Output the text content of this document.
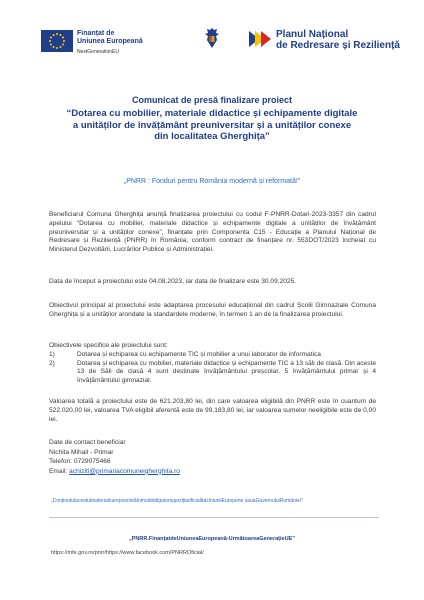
Finanțat de
Uniunea Europeană
NextGenerationEU
Planul Național
de Redresare și Reziliență
Comunicat de presă finalizare proiect
“Dotarea cu mobilier, materiale didactice și echipamente digitale
a unităților de învățământ preuniversitar și a unităților conexe
din localitatea Gherghița”
„PNRR : Fonduri pentru România modernă și reformată!”
Beneficiarul Comuna Gherghița anunță finalizarea proiectului cu codul F-PNRR-Dotari-2023-3357 din cadrul apelului “Dotarea cu mobilier, materiale didactice și echipamente digitale a unităților de învățământ preuniversitar și a unităților conexe”, finanțate prin Componenta C15 - Educație a Planului Național de Redresare și Reziliență (PNRR) în România, conform contract de finanțare nr. 553DOT/2023 încheiat cu Ministerul Dezvoltării, Lucrărilor Publice și Administrației.
Data de început a proiectului este 04.08.2023, iar data de finalizare este 30.09.2025.
Obiectivul principal al proiectului este adaptarea procesului educațional din cadrul Școlii Gimnaziale Comuna Gherghița și a unităților arondate la standardele moderne, în termen 1 an de la finalizarea proiectului.
Obiectivele specifice ale proiectului sunt:
1)	Dotarea și echiparea cu echipamente TIC și mobilier a unui laborator de informatica
2)	Dotarea și echiparea cu mobilier, materiale didactice și echipamente TIC a 13 săli de clasă. Din aceste 13 de Săli de clasă 4 sunt destinate învățământului preșcolar, 5 învățământului primar și 4 învățământului gimnazial.
Valoarea totală a proiectului este de 621.203,80 lei, din care valoarea eligibilă din PNRR este în cuantum de 522.020,00 lei, valoarea TVA eligibil aferentă este de 99.183,80 lei, iar valoarea sumelor neeligibile este de 0,00 lei.
Date de contact beneficiar
Nichita Mihail - Primar
Telefon: 0729075466
Email: achiziti@primariacomunei​gherghita.ro
„ConținutulacestuimaterialnureprezintăînmodobligatoriupozițiaoficialăaUniuniiEuropene sauaGuvernuluiRomâniei”
„PNRR.FinanțatdeUniuneaEuropeană-UrmătoareaGenerațieUE”
https://mfe.gov.ro/pnrr/https://www.facebook.com/PNRROficial/
